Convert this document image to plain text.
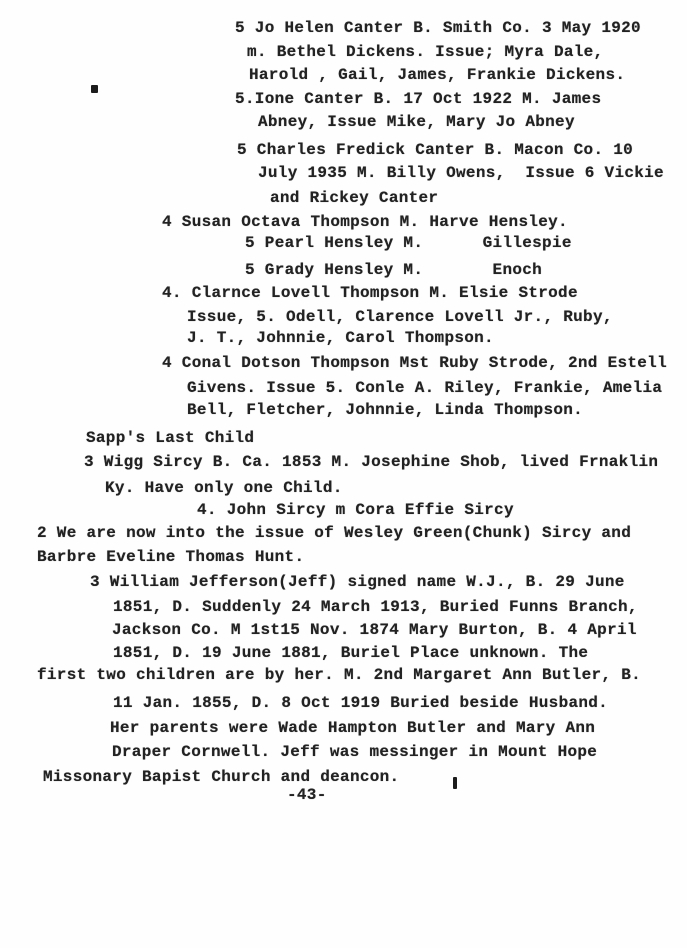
5 Jo Helen Canter B. Smith Co. 3 May 1920
m. Bethel Dickens. Issue; Myra Dale,
Harold , Gail, James, Frankie Dickens.
5.Ione Canter B. 17 Oct 1922 M. James
Abney, Issue Mike, Mary Jo Abney
5 Charles Fredick Canter B. Macon Co. 10
July 1935 M. Billy Owens,  Issue 6 Vickie
and Rickey Canter
4 Susan Octava Thompson M. Harve Hensley.
5 Pearl Hensley M.      Gillespie
5 Grady Hensley M.       Enoch
4. Clarnce Lovell Thompson M. Elsie Strode
Issue, 5. Odell, Clarence Lovell Jr., Ruby,
J. T., Johnnie, Carol Thompson.
4 Conal Dotson Thompson Mst Ruby Strode, 2nd Estell
Givens. Issue 5. Conle A. Riley, Frankie, Amelia
Bell, Fletcher, Johnnie, Linda Thompson.
Sapp's Last Child
3 Wigg Sircy B. Ca. 1853 M. Josephine Shob, lived Frnaklin
Ky. Have only one Child.
4. John Sircy m Cora Effie Sircy
2 We are now into the issue of Wesley Green(Chunk) Sircy and
Barbre Eveline Thomas Hunt.
3 William Jefferson(Jeff) signed name W.J., B. 29 June
1851, D. Suddenly 24 March 1913, Buried Funns Branch,
Jackson Co. M 1st15 Nov. 1874 Mary Burton, B. 4 April
1851, D. 19 June 1881, Buriel Place unknown. The
first two children are by her. M. 2nd Margaret Ann Butler, B.
11 Jan. 1855, D. 8 Oct 1919 Buried beside Husband.
Her parents were Wade Hampton Butler and Mary Ann
Draper Cornwell. Jeff was messinger in Mount Hope
Missonary Bapist Church and deancon.
-43-
